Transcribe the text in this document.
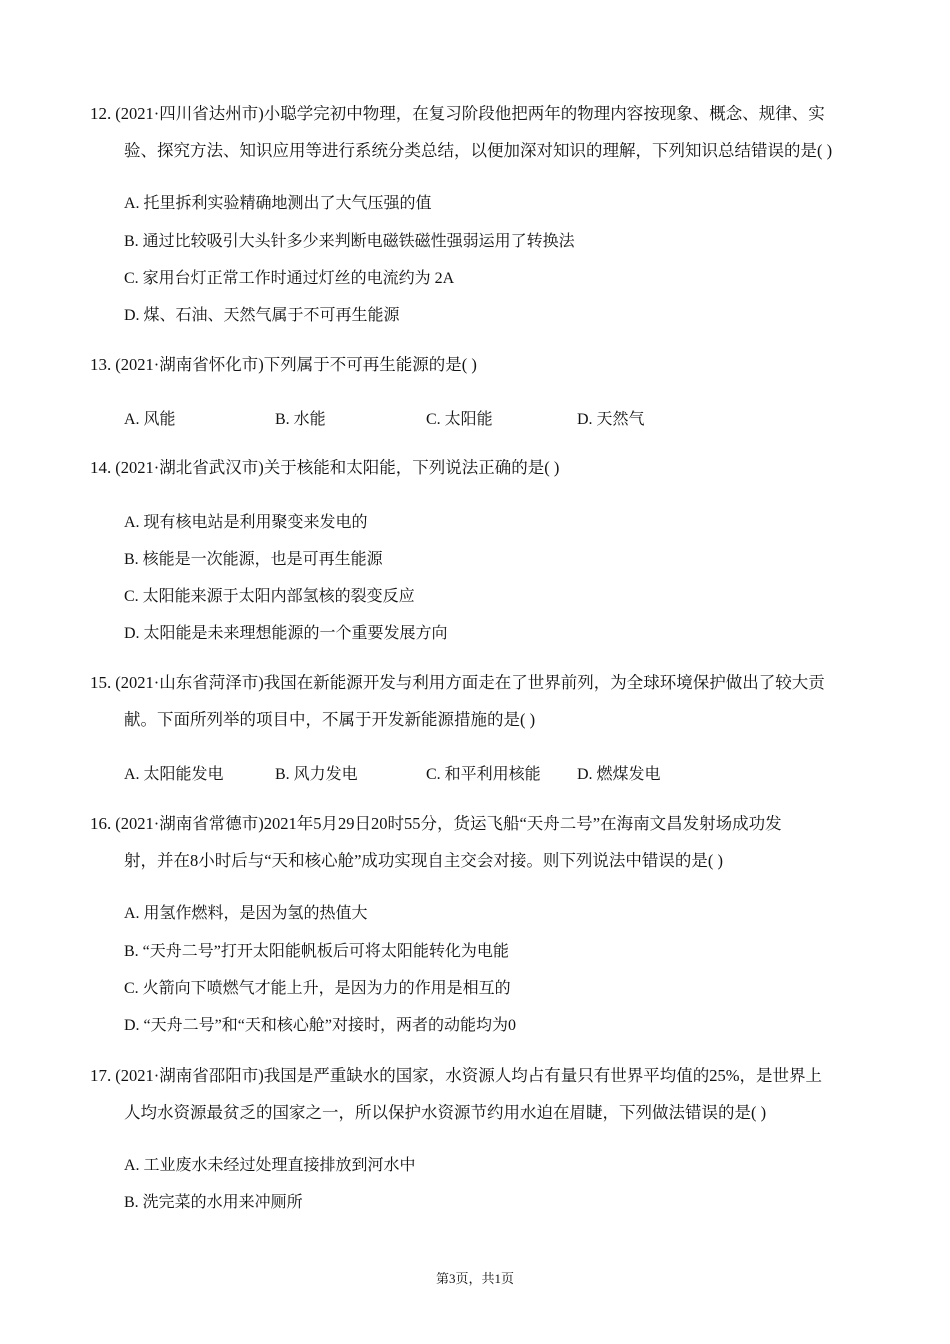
12. (2021·四川省达州市)小聪学完初中物理，在复习阶段他把两年的物理内容按现象、概念、规律、实
验、探究方法、知识应用等进行系统分类总结，以便加深对知识的理解，下列知识总结错误的是( )
A. 托里拆利实验精确地测出了大气压强的值
B. 通过比较吸引大头针多少来判断电磁铁磁性强弱运用了转换法
C. 家用台灯正常工作时通过灯丝的电流约为 2A
D. 煤、石油、天然气属于不可再生能源
13. (2021·湖南省怀化市)下列属于不可再生能源的是( )
A. 风能	B. 水能	C. 太阳能	D. 天然气
14. (2021·湖北省武汉市)关于核能和太阳能，下列说法正确的是( )
A. 现有核电站是利用聚变来发电的
B. 核能是一次能源，也是可再生能源
C. 太阳能来源于太阳内部氢核的裂变反应
D. 太阳能是未来理想能源的一个重要发展方向
15. (2021·山东省菏泽市)我国在新能源开发与利用方面走在了世界前列，为全球环境保护做出了较大贡
献。下面所列举的项目中，不属于开发新能源措施的是( )
A. 太阳能发电	B. 风力发电	C. 和平利用核能 D. 燃煤发电
16. (2021·湖南省常德市)2021年5月29日20时55分，货运飞船“天舟二号”在海南文昌发射场成功发
射，并在8小时后与“天和核心舱”成功实现自主交会对接。则下列说法中错误的是( )
A. 用氢作燃料，是因为氢的热值大
B. “天舟二号”打开太阳能帆板后可将太阳能转化为电能
C. 火箭向下喷燃气才能上升，是因为力的作用是相互的
D. “天舟二号”和“天和核心舱”对接时，两者的动能均为0
17. (2021·湖南省邵阳市)我国是严重缺水的国家，水资源人均占有量只有世界平均值的25%，是世界上
人均水资源最贫乏的国家之一，所以保护水资源节约用水迫在眉睫，下列做法错误的是( )
A. 工业废水未经过处理直接排放到河水中
B. 洗完菜的水用来冲厕所
第3页，共1页
